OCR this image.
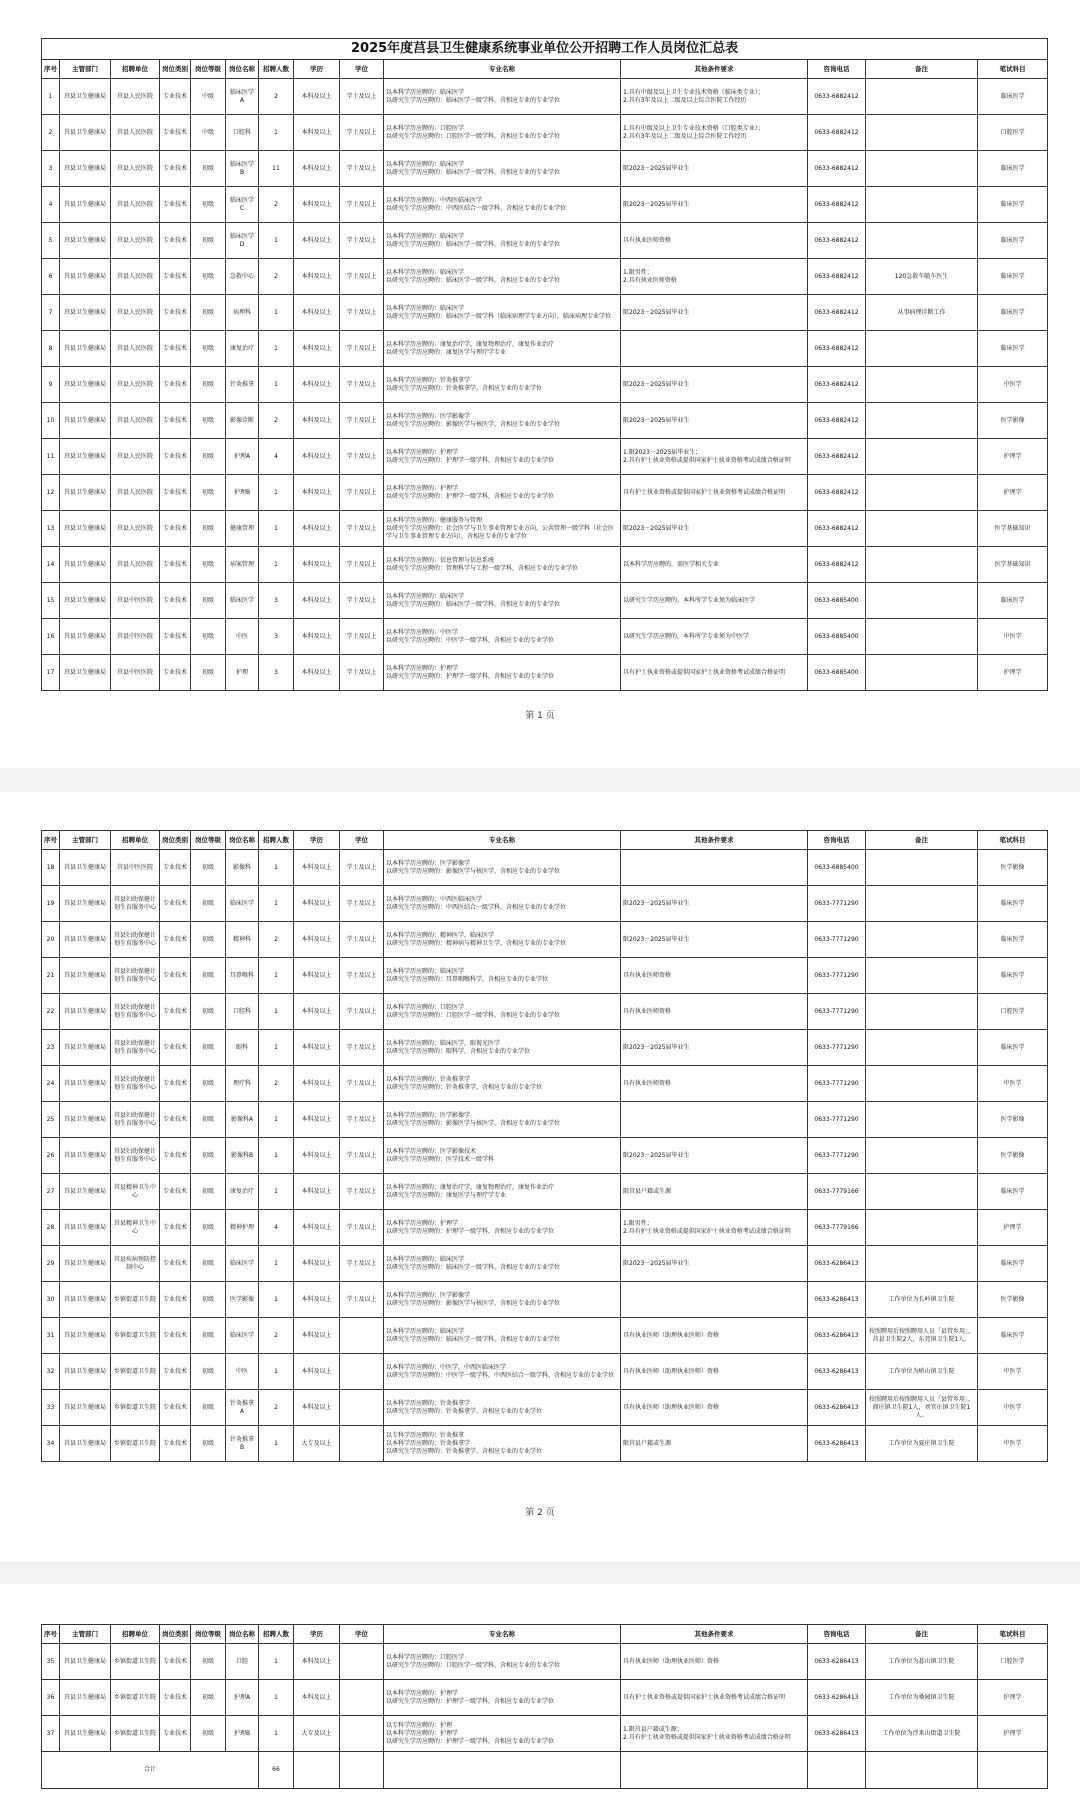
2025年度莒县卫生健康系统事业单位公开招聘工作人员岗位汇总表													
序号	主管部门	招聘单位	岗位类别	岗位等级	岗位名称	招聘人数	学历	学位	专业名称	其他条件要求	咨询电话	备注	笔试科目
1	莒县卫生健康局	莒县人民医院	专业技术	中级	临床医学A	2	本科及以上	学士及以上	以本科学历应聘的：临床医学
以研究生学历应聘的：临床医学一级学科，含相应专业的专业学位	1.具有中级及以上卫生专业技术资格（临床类专业）；
2.具有3年及以上二级及以上综合医院工作经历	0633-6882412		临床医学
2	莒县卫生健康局	莒县人民医院	专业技术	中级	口腔科	1	本科及以上	学士及以上	以本科学历应聘的：口腔医学
以研究生学历应聘的：口腔医学一级学科，含相应专业的专业学位	1.具有中级及以上卫生专业技术资格（口腔类专业）；
2.具有3年及以上二级及以上综合医院工作经历	0633-6882412		口腔医学
3	莒县卫生健康局	莒县人民医院	专业技术	初级	临床医学B	11	本科及以上	学士及以上	以本科学历应聘的：临床医学
以研究生学历应聘的：临床医学一级学科，含相应专业的专业学位	限2023－2025届毕业生	0633-6882412		临床医学
4	莒县卫生健康局	莒县人民医院	专业技术	初级	临床医学C	2	本科及以上	学士及以上	以本科学历应聘的：中西医临床医学
以研究生学历应聘的：中西医结合一级学科，含相应专业的专业学位	限2023－2025届毕业生	0633-6882412		临床医学
5	莒县卫生健康局	莒县人民医院	专业技术	初级	临床医学D	1	本科及以上	学士及以上	以本科学历应聘的：临床医学
以研究生学历应聘的：临床医学一级学科，含相应专业的专业学位	具有执业医师资格	0633-6882412		临床医学
6	莒县卫生健康局	莒县人民医院	专业技术	初级	急救中心	2	本科及以上	学士及以上	以本科学历应聘的：临床医学
以研究生学历应聘的：临床医学一级学科，含相应专业的专业学位	1.限男性；
2.具有执业医师资格	0633-6882412	120急救车随车医生	临床医学
7	莒县卫生健康局	莒县人民医院	专业技术	初级	病理科	1	本科及以上	学士及以上	以本科学历应聘的：临床医学
以研究生学历应聘的：临床医学一级学科（临床病理学专业方向），临床病理专业学位	限2023－2025届毕业生	0633-6882412	从事病理诊断工作	临床医学
8	莒县卫生健康局	莒县人民医院	专业技术	初级	康复治疗	1	本科及以上	学士及以上	以本科学历应聘的：康复治疗学，康复物理治疗，康复作业治疗
以研究生学历应聘的：康复医学与理疗学专业		0633-6882412		临床医学
9	莒县卫生健康局	莒县人民医院	专业技术	初级	针灸推拿	1	本科及以上	学士及以上	以本科学历应聘的：针灸推拿学
以研究生学历应聘的：针灸推拿学，含相应专业的专业学位	限2023－2025届毕业生	0633-6882412		中医学
10	莒县卫生健康局	莒县人民医院	专业技术	初级	影像诊断	2	本科及以上	学士及以上	以本科学历应聘的：医学影像学
以研究生学历应聘的：影像医学与核医学，含相应专业的专业学位	限2023－2025届毕业生	0633-6882412		医学影像
11	莒县卫生健康局	莒县人民医院	专业技术	初级	护理A	4	本科及以上	学士及以上	以本科学历应聘的：护理学
以研究生学历应聘的：护理学一级学科，含相应专业的专业学位	1.限2023－2025届毕业生；
2.具有护士执业资格或提供国家护士执业资格考试成绩合格证明	0633-6882412		护理学
12	莒县卫生健康局	莒县人民医院	专业技术	初级	护理B	1	本科及以上	学士及以上	以本科学历应聘的：护理学
以研究生学历应聘的：护理学一级学科，含相应专业的专业学位	具有护士执业资格或提供国家护士执业资格考试成绩合格证明	0633-6882412		护理学
13	莒县卫生健康局	莒县人民医院	专业技术	初级	健康管理	1	本科及以上	学士及以上	以本科学历应聘的：健康服务与管理
以研究生学历应聘的：社会医学与卫生事业管理专业方向，公共管理一级学科（社会医学与卫生事业管理专业方向），含相应专业的专业学位	限2023－2025届毕业生	0633-6882412		医学基础知识
14	莒县卫生健康局	莒县人民医院	专业技术	初级	病案管理	1	本科及以上	学士及以上	以本科学历应聘的：信息管理与信息系统
以研究生学历应聘的：管理科学与工程一级学科，含相应专业的专业学位	以本科学历应聘的，需医学相关专业	0633-6882412		医学基础知识
15	莒县卫生健康局	莒县中医医院	专业技术	初级	临床医学	3	本科及以上	学士及以上	以本科学历应聘的：临床医学
以研究生学历应聘的：临床医学一级学科，含相应专业的专业学位	以研究生学历应聘的，本科所学专业须为临床医学	0633-6885400		临床医学
16	莒县卫生健康局	莒县中医医院	专业技术	初级	中医	3	本科及以上	学士及以上	以本科学历应聘的：中医学
以研究生学历应聘的：中医学一级学科，含相应专业的专业学位	以研究生学历应聘的，本科所学专业须为中医学	0633-6885400		中医学
17	莒县卫生健康局	莒县中医医院	专业技术	初级	护理	3	本科及以上	学士及以上	以本科学历应聘的：护理学
以研究生学历应聘的：护理学一级学科，含相应专业的专业学位	具有护士执业资格或提供国家护士执业资格考试成绩合格证明	0633-6885400		护理学
第 1 页
序号	主管部门	招聘单位	岗位类别	岗位等级	岗位名称	招聘人数	学历	学位	专业名称	其他条件要求	咨询电话	备注	笔试科目
18	莒县卫生健康局	莒县中医医院	专业技术	初级	影像科	1	本科及以上	学士及以上	以本科学历应聘的：医学影像学
以研究生学历应聘的：影像医学与核医学，含相应专业的专业学位		0633-6885400		医学影像
19	莒县卫生健康局	莒县妇幼保健计划生育服务中心	专业技术	初级	临床医学	1	本科及以上	学士及以上	以本科学历应聘的：中西医临床医学
以研究生学历应聘的：中西医结合一级学科，含相应专业的专业学位	限2023－2025届毕业生	0633-7771290		临床医学
20	莒县卫生健康局	莒县妇幼保健计划生育服务中心	专业技术	初级	精神科	2	本科及以上	学士及以上	以本科学历应聘的：精神医学，临床医学
以研究生学历应聘的：精神病与精神卫生学，含相应专业的专业学位	限2023－2025届毕业生	0633-7771290		临床医学
21	莒县卫生健康局	莒县妇幼保健计划生育服务中心	专业技术	初级	耳鼻喉科	1	本科及以上	学士及以上	以本科学历应聘的：临床医学
以研究生学历应聘的：耳鼻咽喉科学，含相应专业的专业学位	具有执业医师资格	0633-7771290		临床医学
22	莒县卫生健康局	莒县妇幼保健计划生育服务中心	专业技术	初级	口腔科	1	本科及以上	学士及以上	以本科学历应聘的：口腔医学
以研究生学历应聘的：口腔医学一级学科，含相应专业的专业学位	具有执业医师资格	0633-7771290		口腔医学
23	莒县卫生健康局	莒县妇幼保健计划生育服务中心	专业技术	初级	眼科	1	本科及以上	学士及以上	以本科学历应聘的：临床医学，眼视光医学
以研究生学历应聘的：眼科学，含相应专业的专业学位	限2023－2025届毕业生	0633-7771290		临床医学
24	莒县卫生健康局	莒县妇幼保健计划生育服务中心	专业技术	初级	理疗科	2	本科及以上	学士及以上	以本科学历应聘的：针灸推拿学
以研究生学历应聘的：针灸推拿学，含相应专业的专业学位	具有执业医师资格	0633-7771290		中医学
25	莒县卫生健康局	莒县妇幼保健计划生育服务中心	专业技术	初级	影像科A	1	本科及以上	学士及以上	以本科学历应聘的：医学影像学
以研究生学历应聘的：影像医学与核医学，含相应专业的专业学位		0633-7771290		医学影像
26	莒县卫生健康局	莒县妇幼保健计划生育服务中心	专业技术	初级	影像科B	1	本科及以上	学士及以上	以本科学历应聘的：医学影像技术
以研究生学历应聘的：医学技术一级学科	限2023－2025届毕业生	0633-7771290		医学影像
27	莒县卫生健康局	莒县精神卫生中心	专业技术	初级	康复治疗	1	本科及以上	学士及以上	以本科学历应聘的：康复治疗学，康复物理治疗，康复作业治疗
以研究生学历应聘的：康复医学与理疗学专业	限莒县户籍或生源	0633-7779166		临床医学
28	莒县卫生健康局	莒县精神卫生中心	专业技术	初级	精神护理	4	本科及以上	学士及以上	以本科学历应聘的：护理学
以研究生学历应聘的：护理学一级学科，含相应专业的专业学位	1.限男性；
2.具有护士执业资格或提供国家护士执业资格考试成绩合格证明	0633-7779166		护理学
29	莒县卫生健康局	莒县疾病预防控制中心	专业技术	初级	临床医学	1	本科及以上	学士及以上	以本科学历应聘的：临床医学
以研究生学历应聘的：临床医学一级学科，含相应专业的专业学位	限2023－2025届毕业生	0633-6286413		临床医学
30	莒县卫生健康局	乡镇街道卫生院	专业技术	初级	医学影像	1	本科及以上	学士及以上	以本科学历应聘的：医学影像学
以研究生学历应聘的：影像医学与核医学，含相应专业的专业学位		0633-6286413	工作单位为长岭镇卫生院	医学影像
31	莒县卫生健康局	乡镇街道卫生院	专业技术	初级	临床医学	2	本科及以上		以本科学历应聘的：临床医学
以研究生学历应聘的：临床医学一级学科，含相应专业的专业学位	具有执业医师（助理执业医师）资格	0633-6286413	按照聘用后按照聘用人员「县管乡用」，莒县卫生院2人，东莞镇卫生院1人。	临床医学
32	莒县卫生健康局	乡镇街道卫生院	专业技术	初级	中医	1	本科及以上		以本科学历应聘的：中医学，中西医临床医学
以研究生学历应聘的：中医学一级学科，中西医结合一级学科，含相应专业的专业学位	具有执业医师（助理执业医师）资格	0633-6286413	工作单位为峤山镇卫生院	中医学
33	莒县卫生健康局	乡镇街道卫生院	专业技术	初级	针灸推拿A	2	本科及以上		以本科学历应聘的：针灸推拿学
以研究生学历应聘的：针灸推拿学，含相应专业的专业学位	具有执业医师（助理执业医师）资格	0633-6286413	按照聘用后按照聘用人员「县管乡用」，阎庄镇卫生院1人，刘官庄镇卫生院1人。	中医学
34	莒县卫生健康局	乡镇街道卫生院	专业技术	初级	针灸推拿B	1	大专及以上		以专科学历应聘的：针灸推拿
以本科学历应聘的：针灸推拿学
以研究生学历应聘的：针灸推拿学，含相应专业的专业学位	限莒县户籍或生源	0633-6286413	工作单位为夏庄镇卫生院	中医学
第 2 页
序号	主管部门	招聘单位	岗位类别	岗位等级	岗位名称	招聘人数	学历	学位	专业名称	其他条件要求	咨询电话	备注	笔试科目
35	莒县卫生健康局	乡镇街道卫生院	专业技术	初级	口腔	1	本科及以上		以本科学历应聘的：口腔医学
以研究生学历应聘的：口腔医学一级学科，含相应专业的专业学位	具有执业医师（助理执业医师）资格	0633-6286413	工作单位为碁山镇卫生院	口腔医学
36	莒县卫生健康局	乡镇街道卫生院	专业技术	初级	护理A	1	本科及以上		以本科学历应聘的：护理学
以研究生学历应聘的：护理学一级学科，含相应专业的专业学位	具有护士执业资格或提供国家护士执业资格考试成绩合格证明	0633-6286413	工作单位为桑园镇卫生院	护理学
37	莒县卫生健康局	乡镇街道卫生院	专业技术	初级	护理B	1	大专及以上		以专科学历应聘的：护理
以本科学历应聘的：护理学
以研究生学历应聘的：护理学一级学科，含相应专业的专业学位	1.限莒县户籍或生源；
2.具有护士执业资格或提供国家护士执业资格考试成绩合格证明	0633-6286413	工作单位为浮来山街道卫生院	护理学
合计						66							
